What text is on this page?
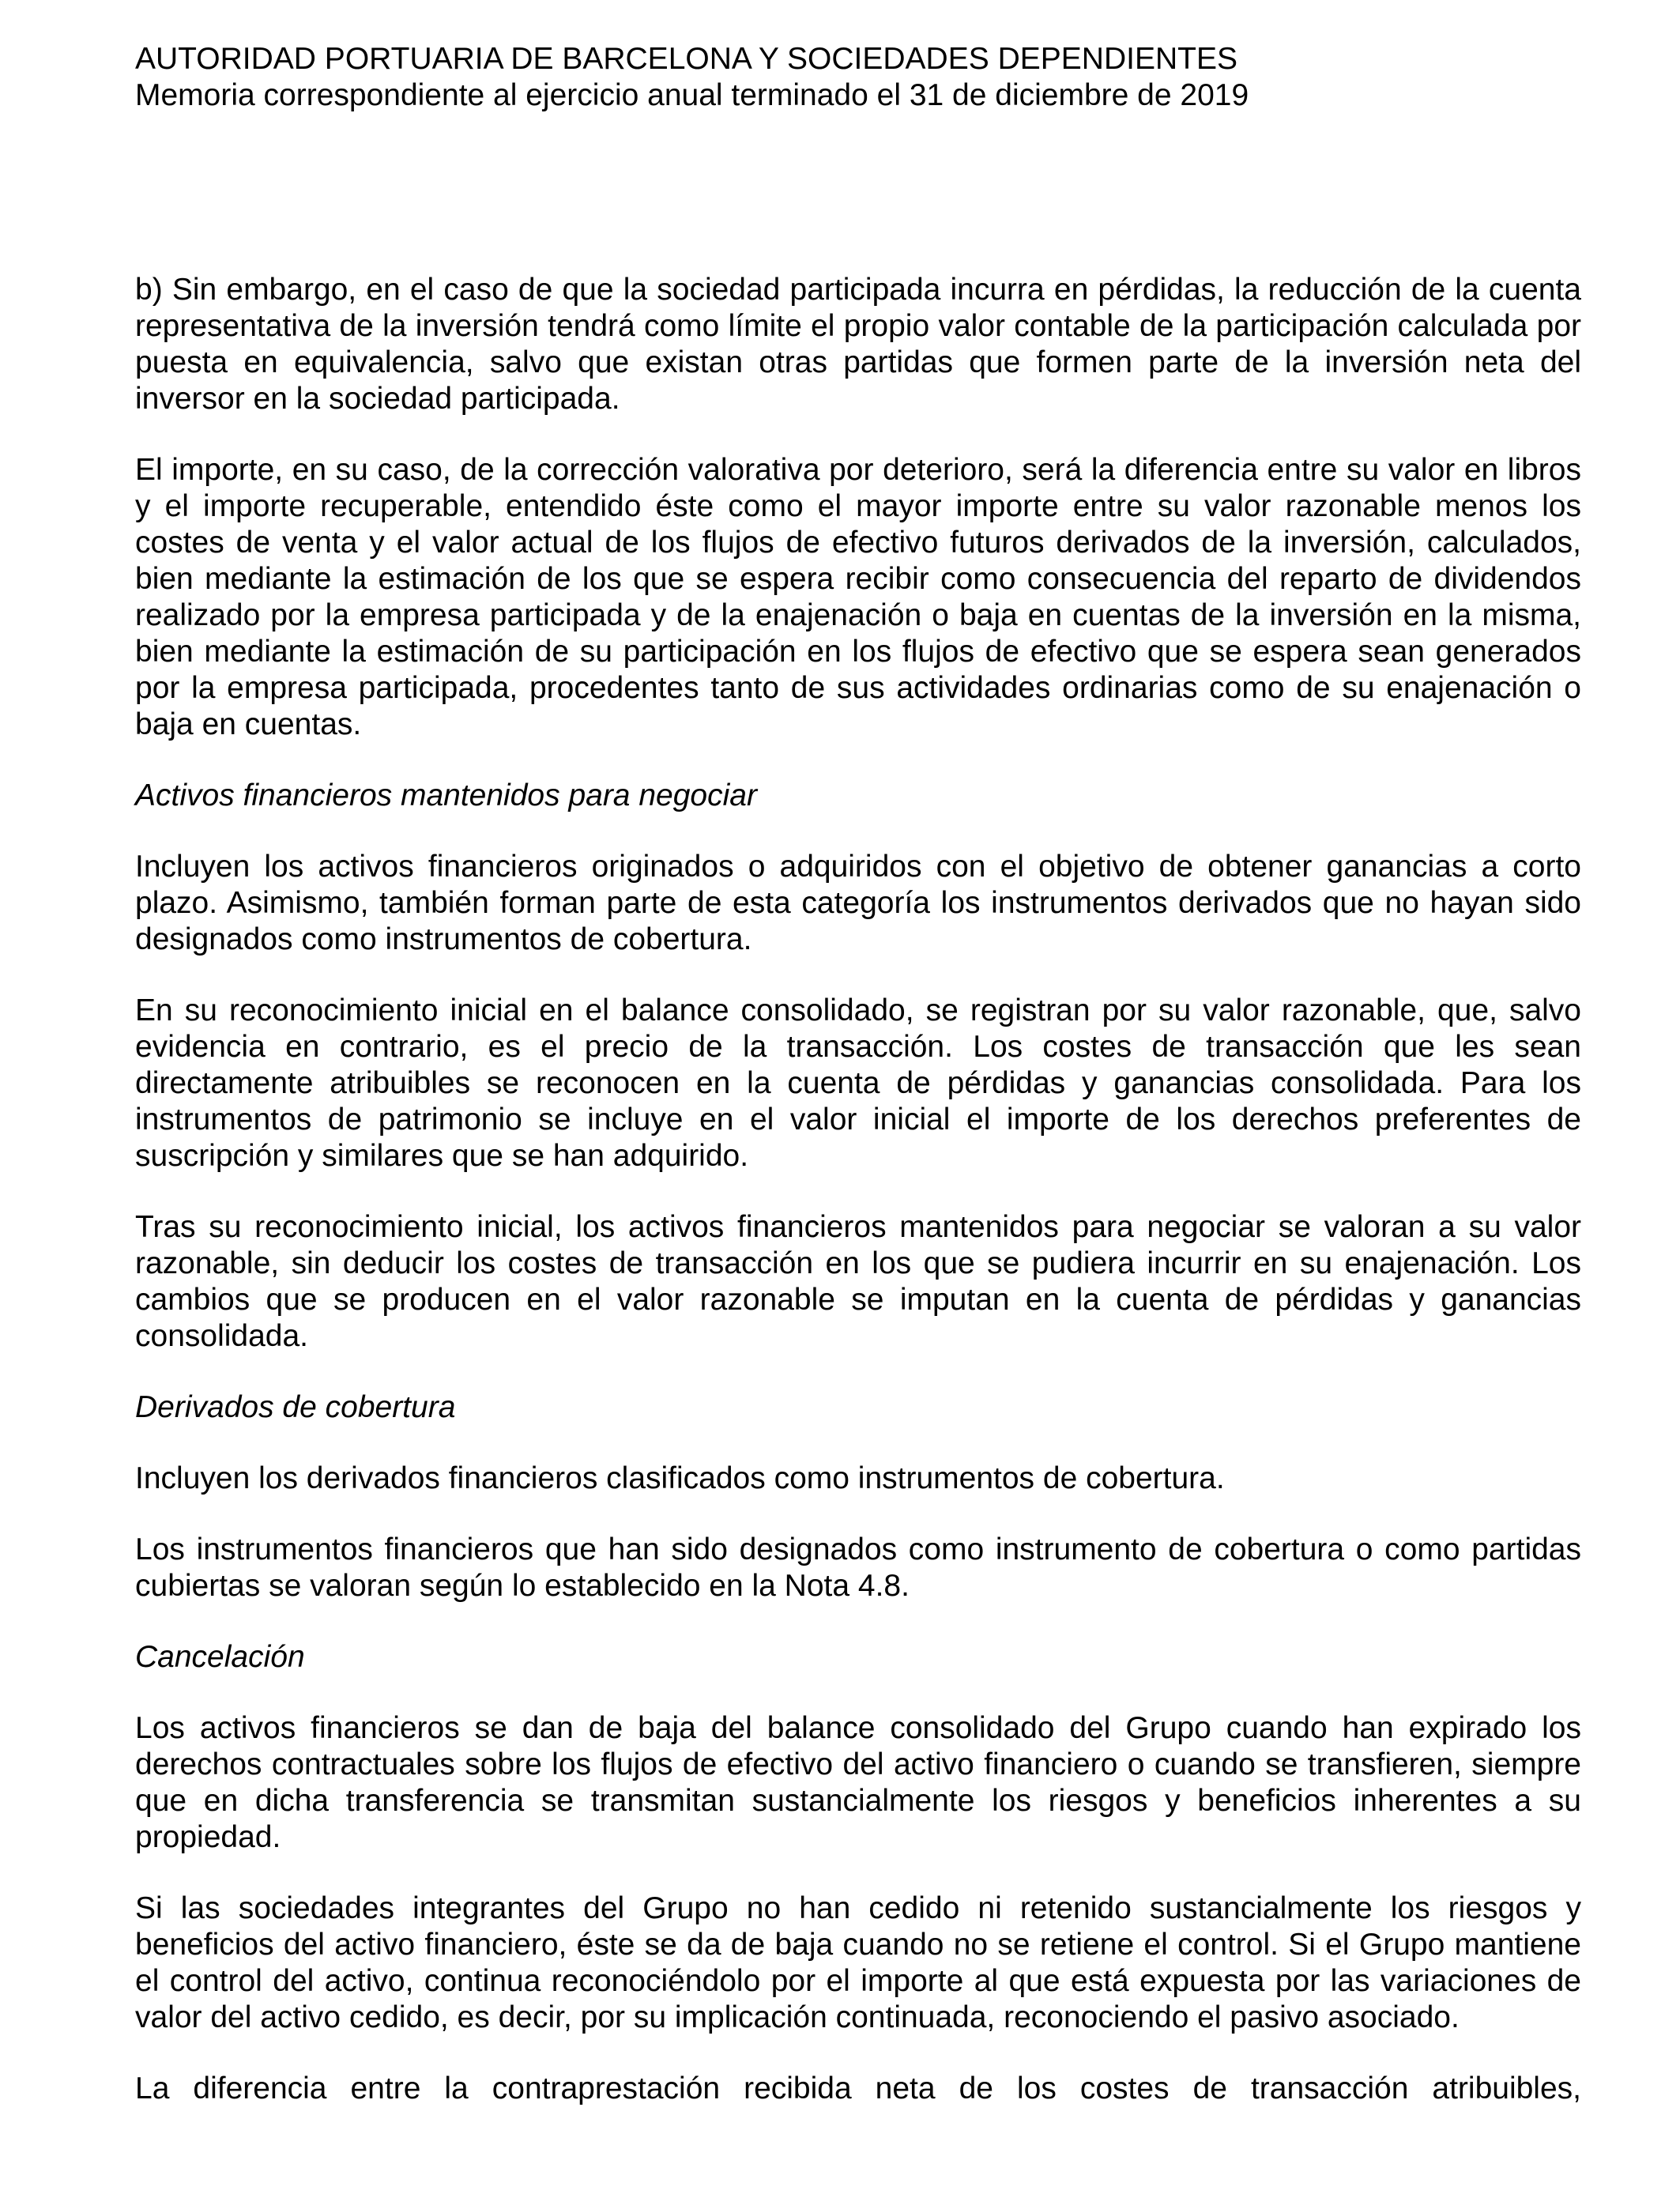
AUTORIDAD PORTUARIA DE BARCELONA Y SOCIEDADES DEPENDIENTES

Memoria correspondiente al ejercicio anual terminado el 31 de diciembre de 2019

b) Sin embargo, en el caso de que la sociedad participada incurra en pérdidas, la reducción de la cuenta representativa de la inversión tendrá como límite el propio valor contable de la participación calculada por puesta en equivalencia, salvo que existan otras partidas que formen parte de la inversión neta del inversor en la sociedad participada.

El importe, en su caso, de la corrección valorativa por deterioro, será la diferencia entre su valor en libros y el importe recuperable, entendido éste como el mayor importe entre su valor razonable menos los costes de venta y el valor actual de los flujos de efectivo futuros derivados de la inversión, calculados, bien mediante la estimación de los que se espera recibir como consecuencia del reparto de dividendos realizado por la empresa participada y de la enajenación o baja en cuentas de la inversión en la misma, bien mediante la estimación de su participación en los flujos de efectivo que se espera sean generados por la empresa participada, procedentes tanto de sus actividades ordinarias como de su enajenación o baja en cuentas.

Activos financieros mantenidos para negociar

Incluyen los activos financieros originados o adquiridos con el objetivo de obtener ganancias a corto plazo. Asimismo, también forman parte de esta categoría los instrumentos derivados que no hayan sido designados como instrumentos de cobertura.

En su reconocimiento inicial en el balance consolidado, se registran por su valor razonable, que, salvo evidencia en contrario, es el precio de la transacción. Los costes de transacción que les sean directamente atribuibles se reconocen en la cuenta de pérdidas y ganancias consolidada. Para los instrumentos de patrimonio se incluye en el valor inicial el importe de los derechos preferentes de suscripción y similares que se han adquirido.

Tras su reconocimiento inicial, los activos financieros mantenidos para negociar se valoran a su valor razonable, sin deducir los costes de transacción en los que se pudiera incurrir en su enajenación. Los cambios que se producen en el valor razonable se imputan en la cuenta de pérdidas y ganancias consolidada.

Derivados de cobertura

Incluyen los derivados financieros clasificados como instrumentos de cobertura.

Los instrumentos financieros que han sido designados como instrumento de cobertura o como partidas cubiertas se valoran según lo establecido en la Nota 4.8.

Cancelación

Los activos financieros se dan de baja del balance consolidado del Grupo cuando han expirado los derechos contractuales sobre los flujos de efectivo del activo financiero o cuando se transfieren, siempre que en dicha transferencia se transmitan sustancialmente los riesgos y beneficios inherentes a su propiedad.

Si las sociedades integrantes del Grupo no han cedido ni retenido sustancialmente los riesgos y beneficios del activo financiero, éste se da de baja cuando no se retiene el control. Si el Grupo mantiene el control del activo, continua reconociéndolo por el importe al que está expuesta por las variaciones de valor del activo cedido, es decir, por su implicación continuada, reconociendo el pasivo asociado.

La diferencia entre la contraprestación recibida neta de los costes de transacción atribuibles,
